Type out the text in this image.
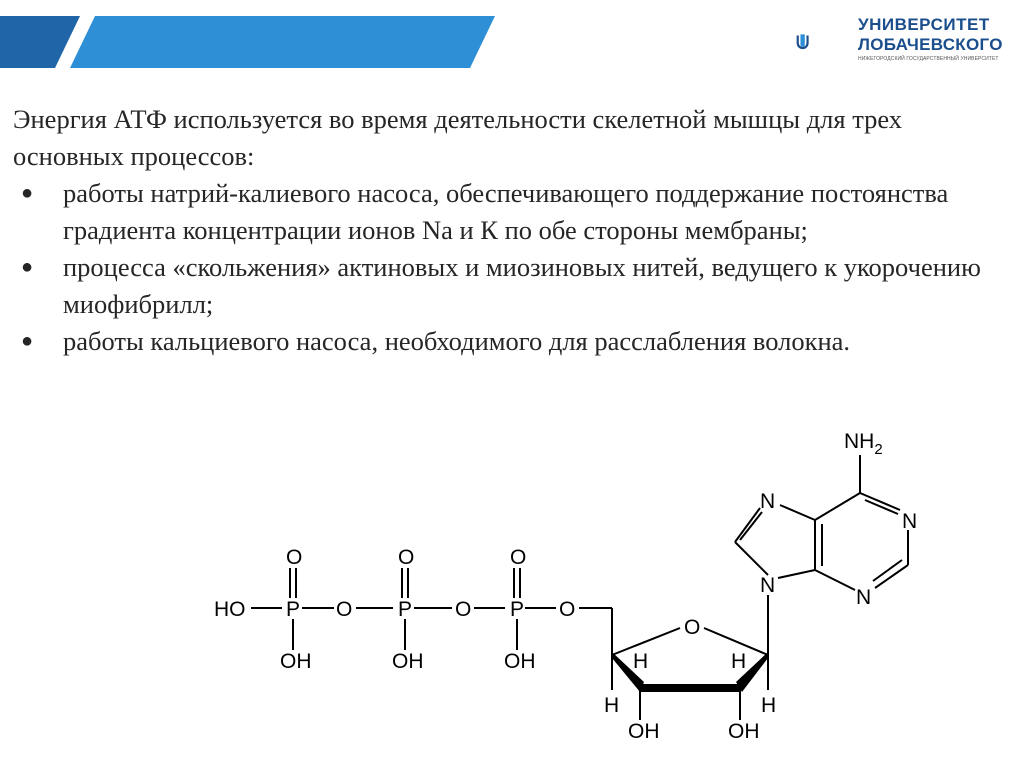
УНИВЕРСИТЕТ
ЛОБАЧЕВСКОГО
НИЖЕГОРОДСКИЙ ГОСУДАРСТВЕННЫЙ УНИВЕРСИТЕТ

Энергия АТФ используется во время деятельности скелетной мышцы для трех основных процессов:

● работы натрий-калиевого насоса, обеспечивающего поддержание постоянства градиента концентрации ионов Na и К по обе стороны мембраны;
● процесса «скольжения» актиновых и миозиновых нитей, ведущего к укорочению миофибрилл;
● работы кальциевого насоса, необходимого для расслабления волокна.
HO P O P O P O
O	O	O
OH	OH	OH
O
H	H
H	H
OH	OH
N
N
N
N
$NH_2$
